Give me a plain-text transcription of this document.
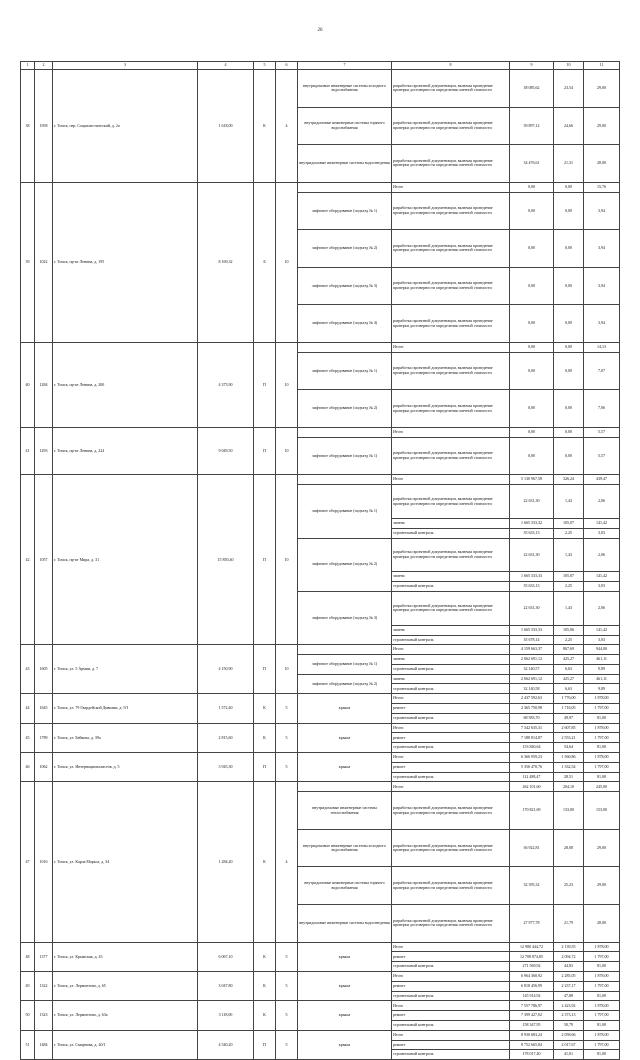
26
1	2	3	4	5	6	7	8	9	10	11
38	1958	г. Томск, пер. Социалистический, д. 2а	1 618,00	К	4	внутридомовые инженерные системы холодного водоснабжения	разработка проектной документации, включая проведение проверки достоверности определения сметной стоимости	38 085,62	23,54	29,00
						внутридомовые инженерные системы горячего водоснабжения	разработка проектной документации, включая проведение проверки достоверности определения сметной стоимости	39 897,12	24,66	29,00
						внутридомовые инженерные системы водоотведения	разработка проектной документации, включая проведение проверки достоверности определения сметной стоимости	34 476,61	21,31	28,00
39	1022	г. Томск, пр-кт Ленина, д. 195	8 169,32	Б	10		Итого	0,00	0,00	15,76
						лифтовое оборудование (подъезд № 1)	разработка проектной документации, включая проведение проверки достоверности определения сметной стоимости	0,00	0,00	3,94
						лифтовое оборудование (подъезд № 2)	разработка проектной документации, включая проведение проверки достоверности определения сметной стоимости	0,00	0,00	3,94
						лифтовое оборудование (подъезд № 3)	разработка проектной документации, включая проведение проверки достоверности определения сметной стоимости	0,00	0,00	3,94
						лифтовое оборудование (подъезд № 4)	разработка проектной документации, включая проведение проверки достоверности определения сметной стоимости	0,00	0,00	3,94
40	1284	г. Томск, пр-кт Ленина, д. 200	4 375,90	П	10		Итого:	0,00	0,00	14,13
						лифтовое оборудование (подъезд № 1)	разработка проектной документации, включая проведение проверки достоверности определения сметной стоимости	0,00	0,00	7,07
						лифтовое оборудование (подъезд № 2)	разработка проектной документации, включая проведение проверки достоверности определения сметной стоимости	0,00	0,00	7,06
41	1293	г. Томск, пр-кт Ленина, д. 224	9 049,50	П	10		Итого	0,00	0,00	5,57
						лифтовое оборудование (подъезд № 1)	разработка проектной документации, включая проведение проверки достоверности определения сметной стоимости	0,00	0,00	5,57
42	1057	г. Томск, пр-кт Мира, д. 31	15 850,40	П	10		Итого	5 130 967,58	326,24	439,47
						лифтовое оборудование (подъезд № 1)	разработка проектной документации, включая проведение проверки достоверности определения сметной стоимости	22 631,30	1,43	2,06
							замена	1 665 333,32	105,07	141,42
							строительный контроль	35 633,13	2,25	3,03
						лифтовое оборудование (подъезд № 2)	разработка проектной документации, включая проведение проверки достоверности определения сметной стоимости	22 631,30	1,43	2,06
							замена	1 665 333,33	105,07	141,42
							строительный контроль	35 633,13	2,25	3,03
						лифтовое оборудование (подъезд № 3)	разработка проектной документации, включая проведение проверки достоверности определения сметной стоимости	22 631,30	1,43	2,06
							замена	1 665 333,33	105,06	141,42
							строительный контроль	35 678,14	2,25	3,03
43	1605	г. Томск, ул. 5 Армии, д. 7	4 150,90	П	10		Итого:	4 159 663,37	867,69	944,00
						лифтовое оборудование (подъезд № 1)	замена	2 062 691,12	425,27	461,11
							строительный контроль	32 140,57	6,63	9,89
						лифтовое оборудование (подъезд № 2)	замена	2 062 691,12	425,27	461,11
							строительный контроль	32 140,58	6,63	9,89
44	1645	г. Томск, ул. 79 Гвардейской Дивизии, д. 9/1	1 572,40	К	5	крыша	Итого:	2 437 592,63	1 776,00	1 878,00
							ремонт	2 365 750,98	1 716,05	1 797,00
							строительный контроль	68 583,70	49,97	81,00
45	1789	г. Томск, ул. Бейкова, д. 39а	2 815,60	К	5	крыша	Итого:	7 342 635,31	2 607,85	1 878,00
							ремонт	7 188 814,87	2 553,21	1 797,00
							строительный контроль	153 840,64	54,64	81,00
46	1062	г. Томск, ул. Интернационалистов, д. 5	3 945,30	П	5	крыша	Итого:	6 366 959,23	1 560,86	1 878,00
							ремонт	5 356 470,76	1 332,54	1 797,00
							строительный контроль	112 488,47	28,51	81,00
47	1016	г. Томск, ул. Карла Маркса, д. 34	1 284,20	К	4		Итого:	262 101,60	204,10	245,00
						внутридомовые инженерные системы теплоснабжения	разработка проектной документации, включая проведение проверки достоверности определения сметной стоимости	170 821,69	133,00	153,00
						внутридомовые инженерные системы холодного водоснабжения	разработка проектной документации, включая проведение проверки достоверности определения сметной стоимости	36 922,81	28,08	29,00
						внутридомовые инженерные системы горячего водоснабжения	разработка проектной документации, включая проведение проверки достоверности определения сметной стоимости	32 395,32	25,23	29,00
						внутридомовые инженерные системы водоотведения	разработка проектной документации, включая проведение проверки достоверности определения сметной стоимости	27 977,78	21,79	28,00
48	1377	г. Томск, ул. Крымская, д. 43	6 067,10	К	5	крыша	Итого	12 980 444,72	2 139,55	1 878,00
							ремонт	12 708 874,85	2 094,72	1 797,00
							строительный контроль	271 569,92	44,83	81,00
49	1322	г. Томск, ул. Лермонтова, д. 65	3 047,80	К	5	крыша	Итого	6 964 360,92	2 285,05	1 878,00
							ремонт	6 818 456,99	2 237,17	1 797,00
							строительный контроль	145 914,92	47,88	81,00
50	1323	г. Томск, ул. Лермонтова, д. 63а	3 118,00	К	5	крыша	Итого	7 557 786,97	2 423,92	1 878,00
							ремонт	7 399 427,02	2 373,13	1 797,00
							строительный контроль	158 347,95	50,79	81,00
51	1484	г. Томск, ул. Смирнова, д. 40/1	4 540,20	П	5	крыша	Итого	8 930 683,24	2 058,66	1 878,00
							ремонт	8 752 665,84	2 017,67	1 797,00
							строительный контроль	178 017,40	41,01	81,00
